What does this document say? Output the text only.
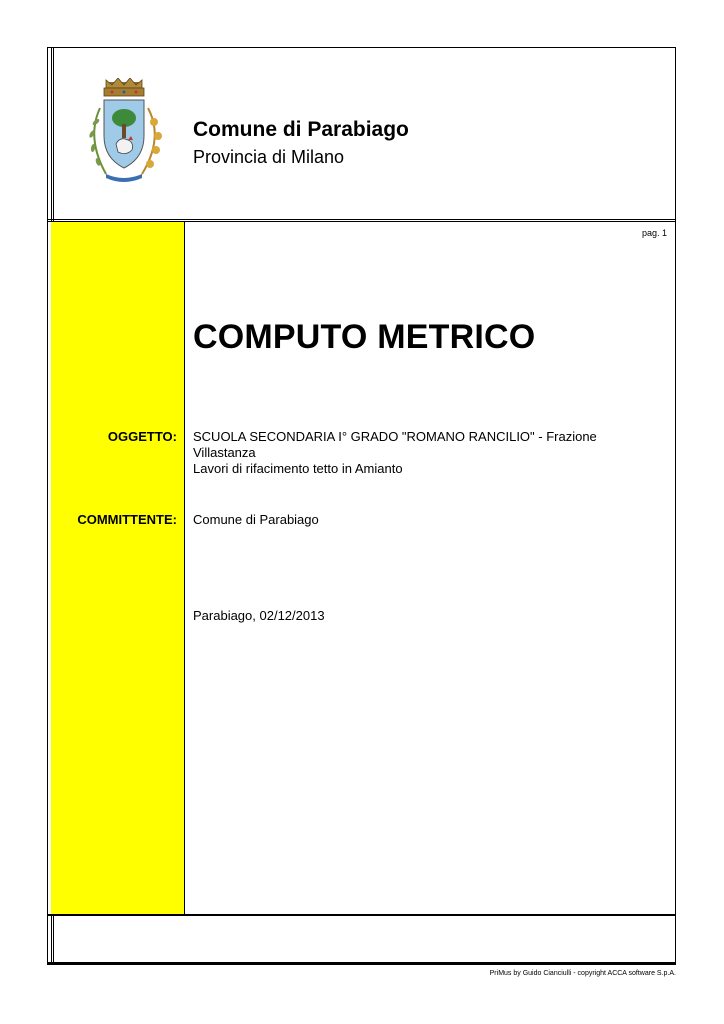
Comune di Parabiago
Provincia di Milano
pag. 1
COMPUTO METRICO
OGGETTO: SCUOLA SECONDARIA I° GRADO "ROMANO RANCILIO" - Frazione
Villastanza
Lavori di rifacimento tetto in Amianto
COMMITTENTE: Comune di Parabiago
Parabiago, 02/12/2013
PriMus by Guido Cianciulli - copyright ACCA software S.p.A.
